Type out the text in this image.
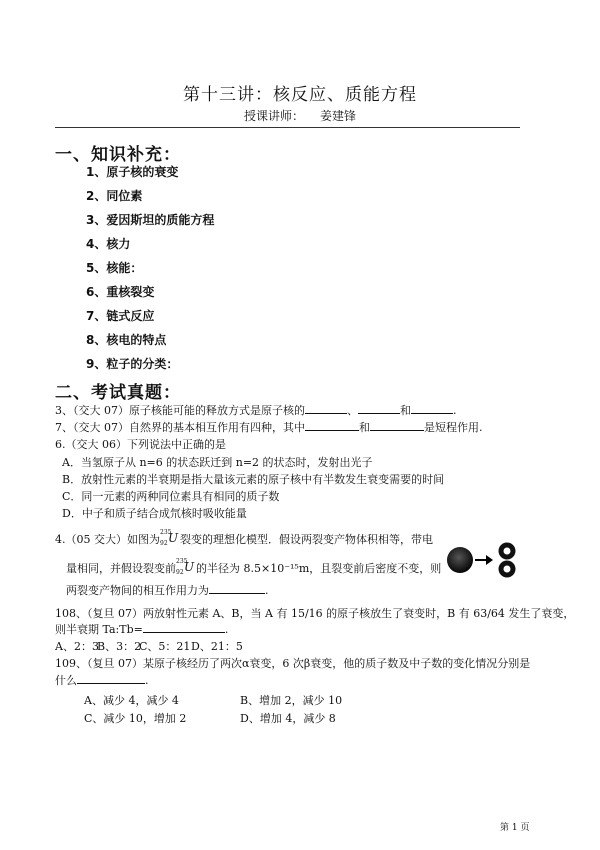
第十三讲：核反应、质能方程
授课讲师： 姜建锋
一、知识补充：
1、原子核的衰变
2、同位素
3、爱因斯坦的质能方程
4、核力
5、核能：
6、重核裂变
7、链式反应
8、核电的特点
9、粒子的分类：
二、考试真题：
3、（交大 07）原子核能可能的释放方式是原子核的	、	和	.
7、（交大 07）自然界的基本相互作用有四种，其中	和	是短程作用.
6.（交大 06）下列说法中正确的是
A．当氢原子从 n=6 的状态跃迁到 n=2 的状态时，发射出光子
B．放射性元素的半衰期是指大量该元素的原子核中有半数发生衰变需要的时间
C．同一元素的两种同位素具有相同的质子数
D．中子和质子结合成氘核时吸收能量
4.（05 交大）如图为
235
92 U 裂变的理想化模型．假设两裂变产物体积相等，带电
量相同，并假设裂变前
235
92 U 的半径为 8.5×10⁻¹⁵m，且裂变前后密度不变，则
两裂变产物间的相互作用力为	.
108、（复旦 07）两放射性元素 A、B，当 A 有 15/16 的原子核放生了衰变时，B 有 63/64 发生了衰变，
则半衰期 Ta:Tb=	.
A、2：3B、3：2C、5：21D、21：5
109、（复旦 07）某原子核经历了两次α衰变，6 次β衰变，他的质子数及中子数的变化情况分别是
什么	.
A、减少 4，减少 4	B、增加 2，减少 10
C、减少 10，增加 2	D、增加 4，减少 8
第 1 页
